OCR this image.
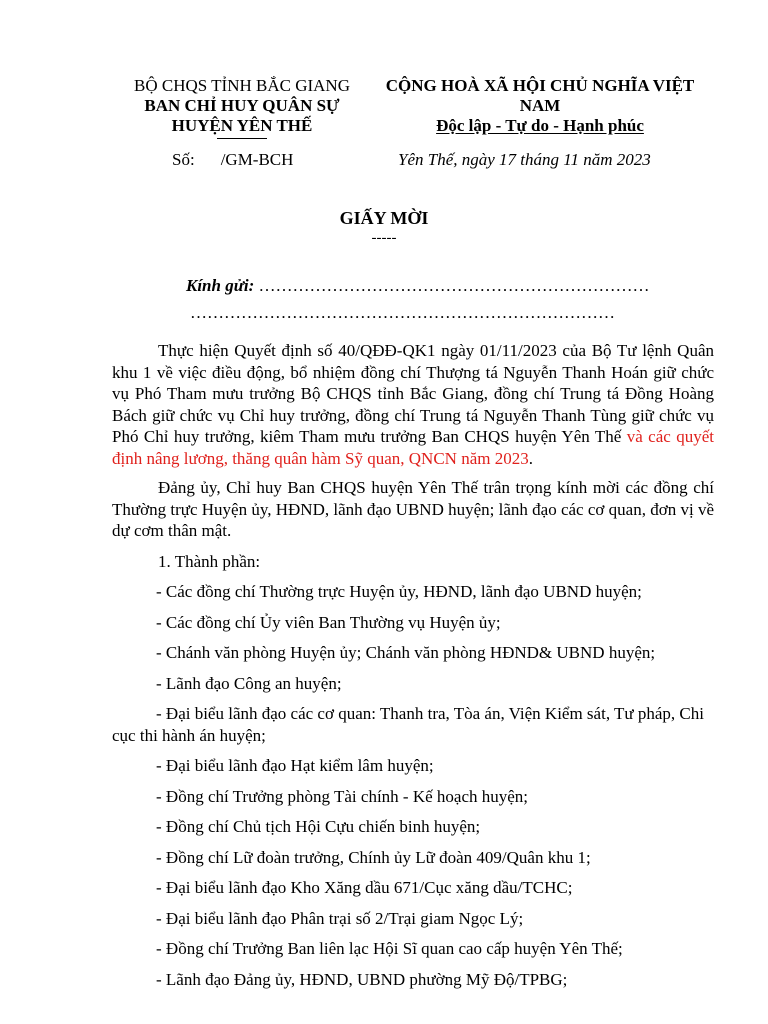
BỘ CHQS TỈNH BẮC GIANG
BAN CHỈ HUY QUÂN SỰ
HUYỆN YÊN THẾ
CỘNG HOÀ XÃ HỘI CHỦ NGHĨA VIỆT NAM
Độc lập - Tự do - Hạnh phúc
Số: /GM-BCH	Yên Thế, ngày 17 tháng 11 năm 2023
GIẤY MỜI
-----
Kính gửi: ……………………………………………………………
…………………………………………………………………

Thực hiện Quyết định số 40/QĐĐ-QK1 ngày 01/11/2023 của Bộ Tư lệnh Quân khu 1 về việc điều động, bổ nhiệm đồng chí Thượng tá Nguyễn Thanh Hoán giữ chức vụ Phó Tham mưu trưởng Bộ CHQS tỉnh Bắc Giang, đồng chí Trung tá Đồng Hoàng Bách giữ chức vụ Chỉ huy trưởng, đồng chí Trung tá Nguyễn Thanh Tùng giữ chức vụ Phó Chỉ huy trưởng, kiêm Tham mưu trưởng Ban CHQS huyện Yên Thế và các quyết định nâng lương, thăng quân hàm Sỹ quan, QNCN năm 2023.

Đảng ủy, Chỉ huy Ban CHQS huyện Yên Thế trân trọng kính mời các đồng chí Thường trực Huyện ủy, HĐND, lãnh đạo UBND huyện; lãnh đạo các cơ quan, đơn vị về dự cơm thân mật.

1. Thành phần:

- Các đồng chí Thường trực Huyện ủy, HĐND, lãnh đạo UBND huyện;

- Các đồng chí Ủy viên Ban Thường vụ Huyện ủy;

- Chánh văn phòng Huyện ủy; Chánh văn phòng HĐND& UBND huyện;

- Lãnh đạo Công an huyện;

- Đại biểu lãnh đạo các cơ quan: Thanh tra, Tòa án, Viện Kiểm sát, Tư pháp, Chi
cục thi hành án huyện;

- Đại biểu lãnh đạo Hạt kiểm lâm huyện;

- Đồng chí Trưởng phòng Tài chính - Kế hoạch huyện;

- Đồng chí Chủ tịch Hội Cựu chiến binh huyện;

- Đồng chí Lữ đoàn trưởng, Chính ủy Lữ đoàn 409/Quân khu 1;

- Đại biểu lãnh đạo Kho Xăng dầu 671/Cục xăng dầu/TCHC;

- Đại biểu lãnh đạo Phân trại số 2/Trại giam Ngọc Lý;

- Đồng chí Trưởng Ban liên lạc Hội Sĩ quan cao cấp huyện Yên Thế;

- Lãnh đạo Đảng ủy, HĐND, UBND phường Mỹ Độ/TPBG;
